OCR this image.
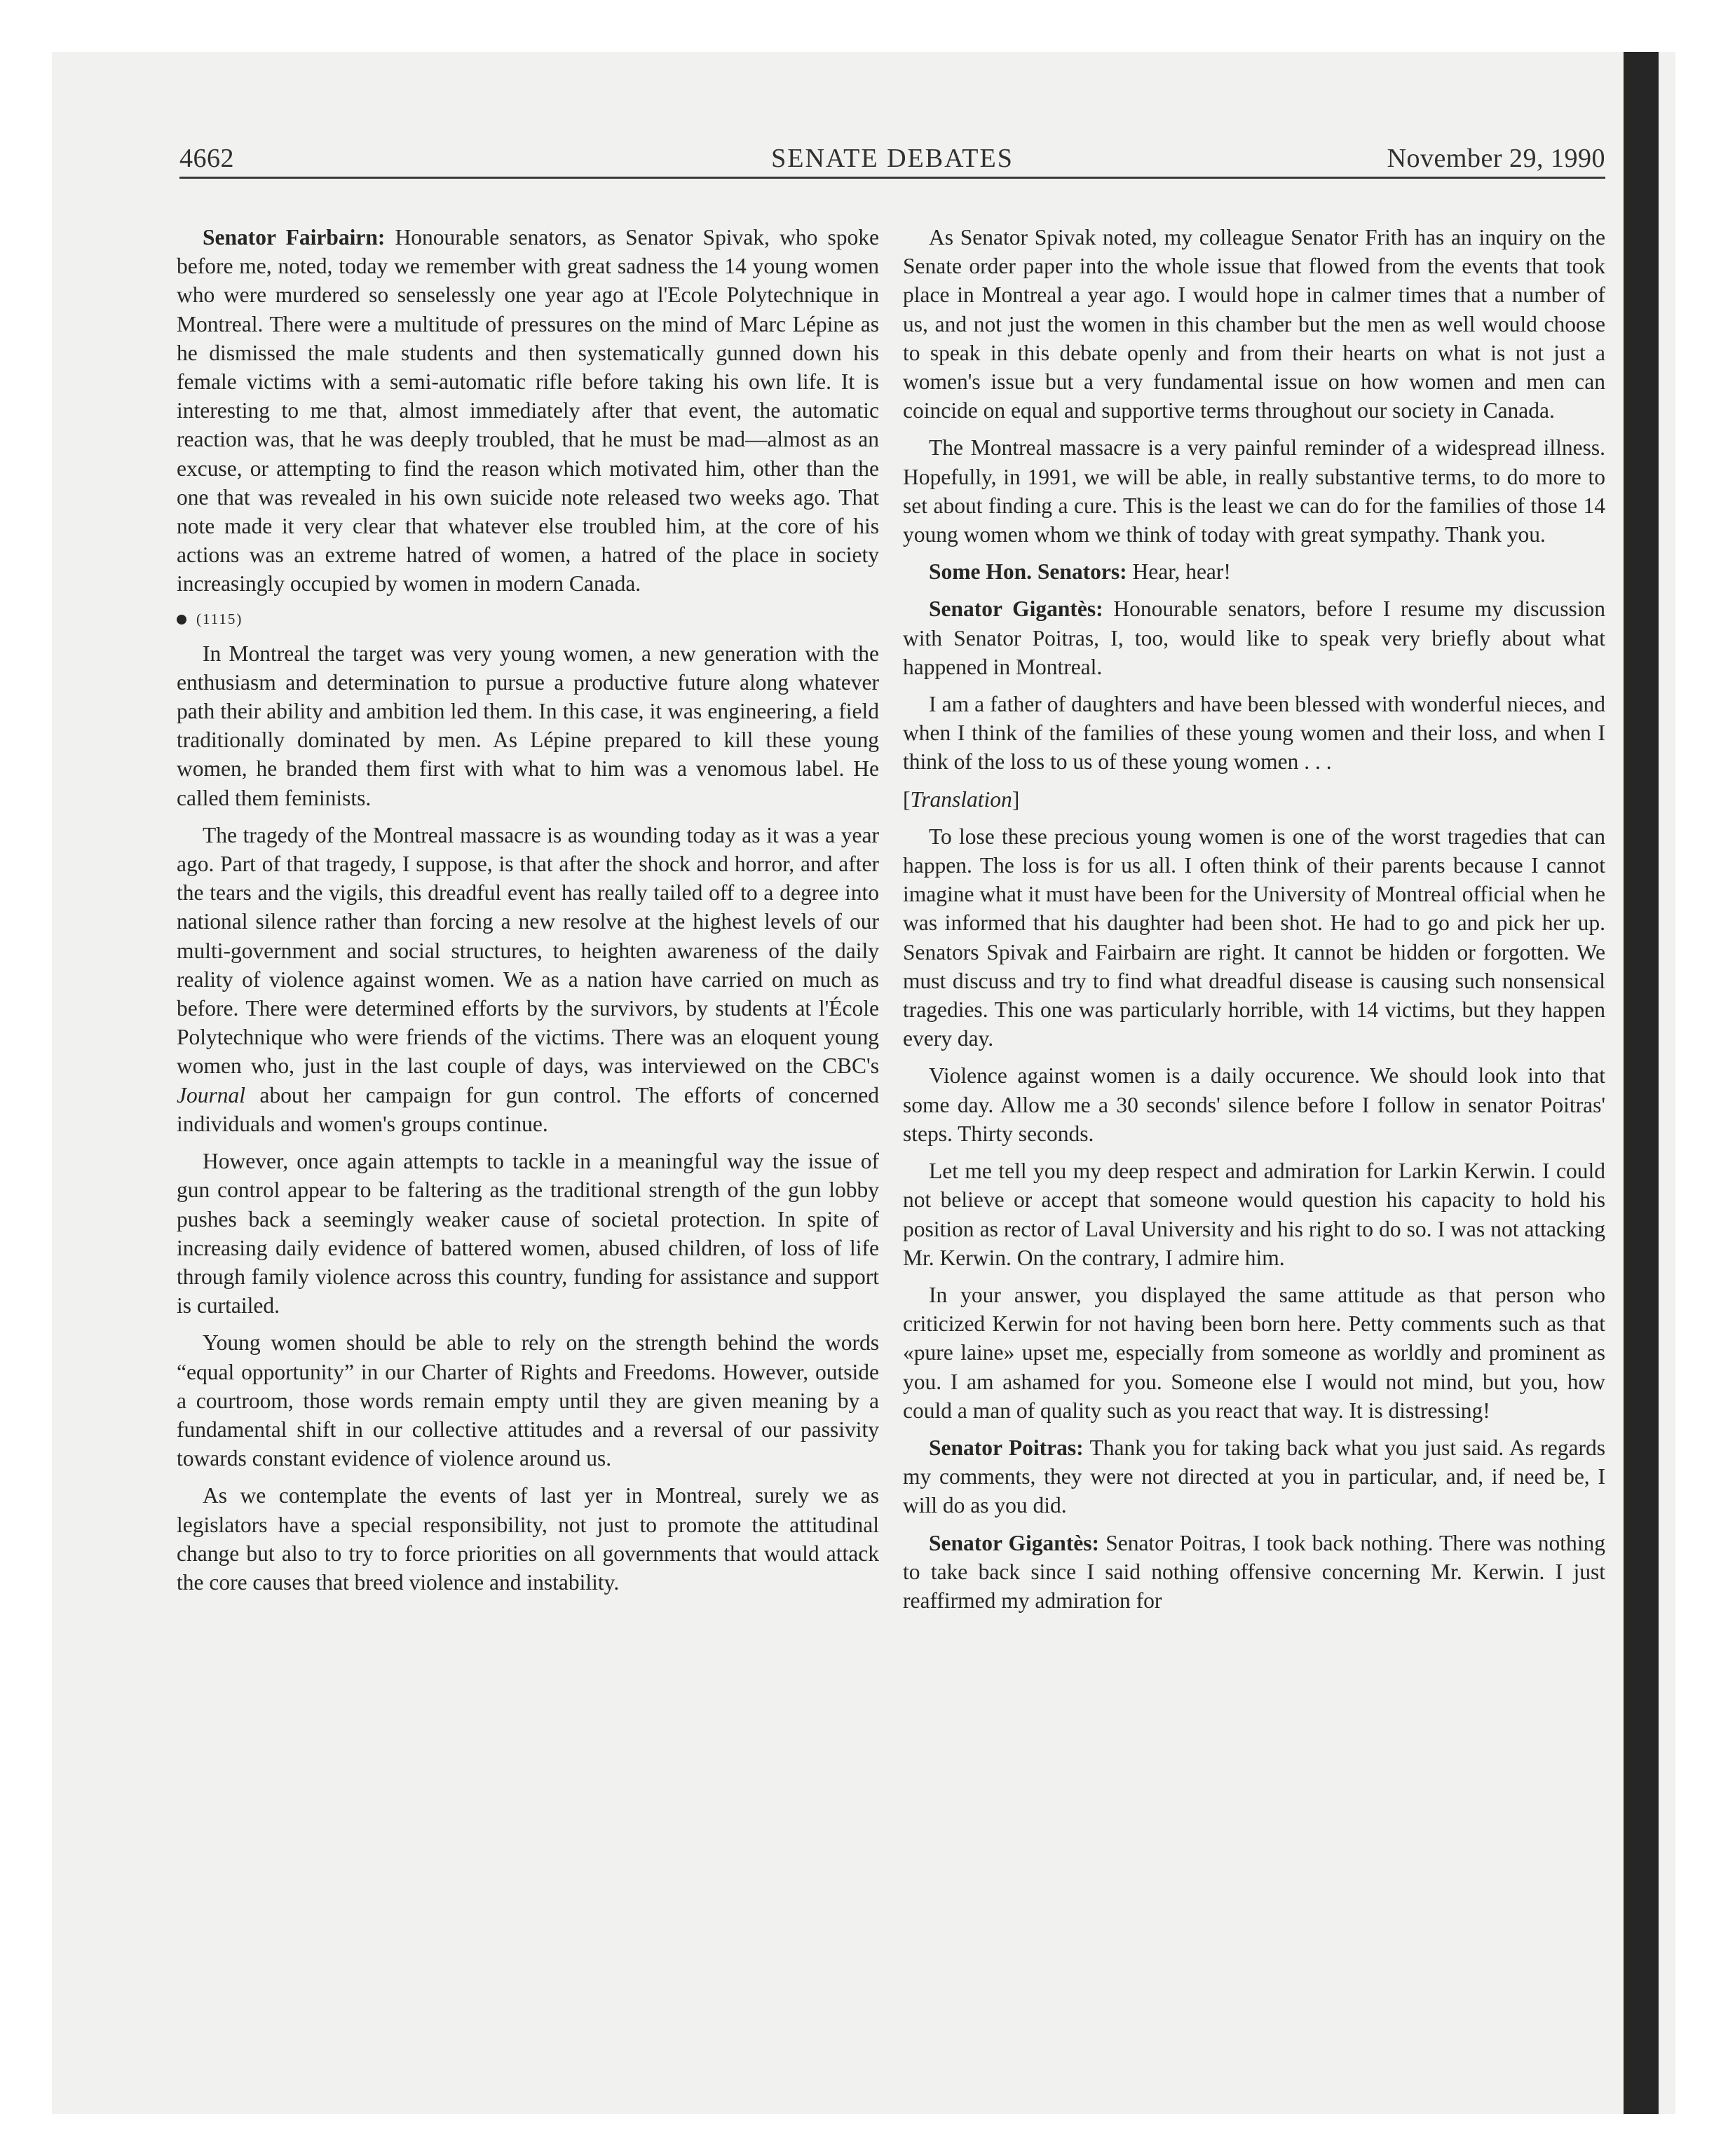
4662	SENATE DEBATES	November 29, 1990

Senator Fairbairn: Honourable senators, as Senator Spivak, who spoke before me, noted, today we remember with great sadness the 14 young women who were murdered so senselessly one year ago at l'Ecole Polytechnique in Montreal. There were a multitude of pressures on the mind of Marc Lépine as he dismissed the male students and then systematically gunned down his female victims with a semi-automatic rifle before taking his own life. It is interesting to me that, almost immediately after that event, the automatic reaction was, that he was deeply troubled, that he must be mad—almost as an excuse, or attempting to find the reason which motivated him, other than the one that was revealed in his own suicide note released two weeks ago. That note made it very clear that whatever else troubled him, at the core of his actions was an extreme hatred of women, a hatred of the place in society increasingly occupied by women in modern Canada.

(1115)

In Montreal the target was very young women, a new generation with the enthusiasm and determination to pursue a productive future along whatever path their ability and ambition led them. In this case, it was engineering, a field traditionally dominated by men. As Lépine prepared to kill these young women, he branded them first with what to him was a venomous label. He called them feminists.

The tragedy of the Montreal massacre is as wounding today as it was a year ago. Part of that tragedy, I suppose, is that after the shock and horror, and after the tears and the vigils, this dreadful event has really tailed off to a degree into national silence rather than forcing a new resolve at the highest levels of our multi-government and social structures, to heighten awareness of the daily reality of violence against women. We as a nation have carried on much as before. There were determined efforts by the survivors, by students at l'École Polytechnique who were friends of the victims. There was an eloquent young women who, just in the last couple of days, was interviewed on the CBC's Journal about her campaign for gun control. The efforts of concerned individuals and women's groups continue.

However, once again attempts to tackle in a meaningful way the issue of gun control appear to be faltering as the traditional strength of the gun lobby pushes back a seemingly weaker cause of societal protection. In spite of increasing daily evidence of battered women, abused children, of loss of life through family violence across this country, funding for assistance and support is curtailed.

Young women should be able to rely on the strength behind the words “equal opportunity” in our Charter of Rights and Freedoms. However, outside a courtroom, those words remain empty until they are given meaning by a fundamental shift in our collective attitudes and a reversal of our passivity towards constant evidence of violence around us.

As we contemplate the events of last yer in Montreal, surely we as legislators have a special responsibility, not just to promote the attitudinal change but also to try to force priorities on all governments that would attack the core causes that breed violence and instability.

As Senator Spivak noted, my colleague Senator Frith has an inquiry on the Senate order paper into the whole issue that flowed from the events that took place in Montreal a year ago. I would hope in calmer times that a number of us, and not just the women in this chamber but the men as well would choose to speak in this debate openly and from their hearts on what is not just a women's issue but a very fundamental issue on how women and men can coincide on equal and supportive terms throughout our society in Canada.

The Montreal massacre is a very painful reminder of a widespread illness. Hopefully, in 1991, we will be able, in really substantive terms, to do more to set about finding a cure. This is the least we can do for the families of those 14 young women whom we think of today with great sympathy. Thank you.

Some Hon. Senators: Hear, hear!

Senator Gigantès: Honourable senators, before I resume my discussion with Senator Poitras, I, too, would like to speak very briefly about what happened in Montreal.

I am a father of daughters and have been blessed with wonderful nieces, and when I think of the families of these young women and their loss, and when I think of the loss to us of these young women . . .

[Translation]

To lose these precious young women is one of the worst tragedies that can happen. The loss is for us all. I often think of their parents because I cannot imagine what it must have been for the University of Montreal official when he was informed that his daughter had been shot. He had to go and pick her up. Senators Spivak and Fairbairn are right. It cannot be hidden or forgotten. We must discuss and try to find what dreadful disease is causing such nonsensical tragedies. This one was particularly horrible, with 14 victims, but they happen every day.

Violence against women is a daily occurence. We should look into that some day. Allow me a 30 seconds' silence before I follow in senator Poitras' steps. Thirty seconds.

Let me tell you my deep respect and admiration for Larkin Kerwin. I could not believe or accept that someone would question his capacity to hold his position as rector of Laval University and his right to do so. I was not attacking Mr. Kerwin. On the contrary, I admire him.

In your answer, you displayed the same attitude as that person who criticized Kerwin for not having been born here. Petty comments such as that «pure laine» upset me, especially from someone as worldly and prominent as you. I am ashamed for you. Someone else I would not mind, but you, how could a man of quality such as you react that way. It is distressing!

Senator Poitras: Thank you for taking back what you just said. As regards my comments, they were not directed at you in particular, and, if need be, I will do as you did.

Senator Gigantès: Senator Poitras, I took back nothing. There was nothing to take back since I said nothing offensive concerning Mr. Kerwin. I just reaffirmed my admiration for
